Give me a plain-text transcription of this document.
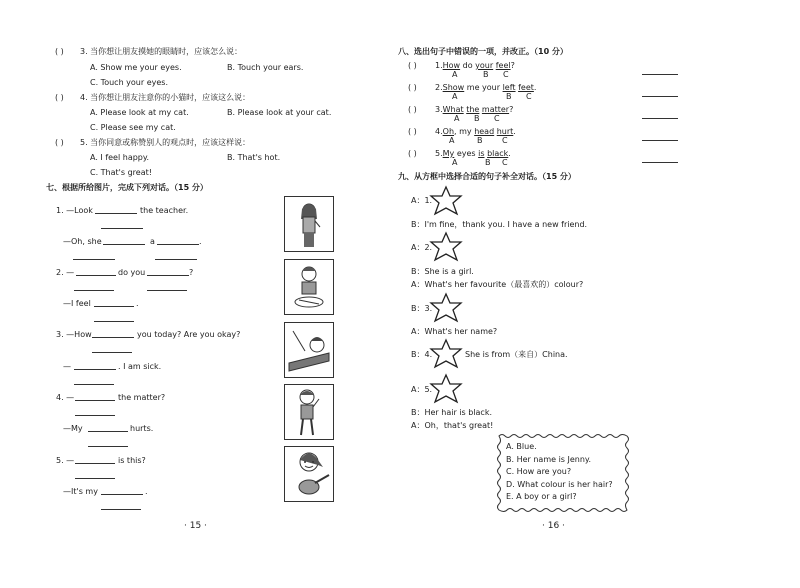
( ) 3. 当你想让朋友摸她的眼睛时，应该怎么说：
A. Show me your eyes.	B. Touch your ears.
C. Touch your eyes.
( ) 4. 当你想让朋友注意你的小猫时，应该这么说：
A. Please look at my cat.	B. Please look at your cat.
C. Please see my cat.
( ) 5. 当你同意或称赞别人的观点时，应该这样说：
A. I feel happy.	B. That's hot.
C. That's great!
七、根据所给图片，完成下列对话。（15 分）
1. —Look	the teacher.
—Oh, she	a	.
2. —	do you	?
—I feel	.
3. —How	you today? Are you okay?
—	. I am sick.
4. —	the matter?
—My	hurts.
5. —	is this?
—It's my	.
· 15 ·
八、选出句子中错误的一项，并改正。（10 分）
( ) 1.How do your feel?
A	B C
( ) 2.Show me your left feet.
A	B C
( ) 3.What the matter?
A B C
( ) 4.Oh, my head hurt.
A	B C
( ) 5.My eyes is black.
A	B C
九、从方框中选择合适的句子补全对话。（15 分）
A：1.
B：I'm fine，thank you. I have a new friend.
A：2.
B：She is a girl.
A：What's her favourite（最喜欢的）colour?
B：3.
A：What's her name?
B：4.	She is from（来自）China.
A：5.
B：Her hair is black.
A：Oh，that's great!
A. Blue.
B. Her name is Jenny.
C. How are you?
D. What colour is her hair?
E. A boy or a girl?
· 16 ·
